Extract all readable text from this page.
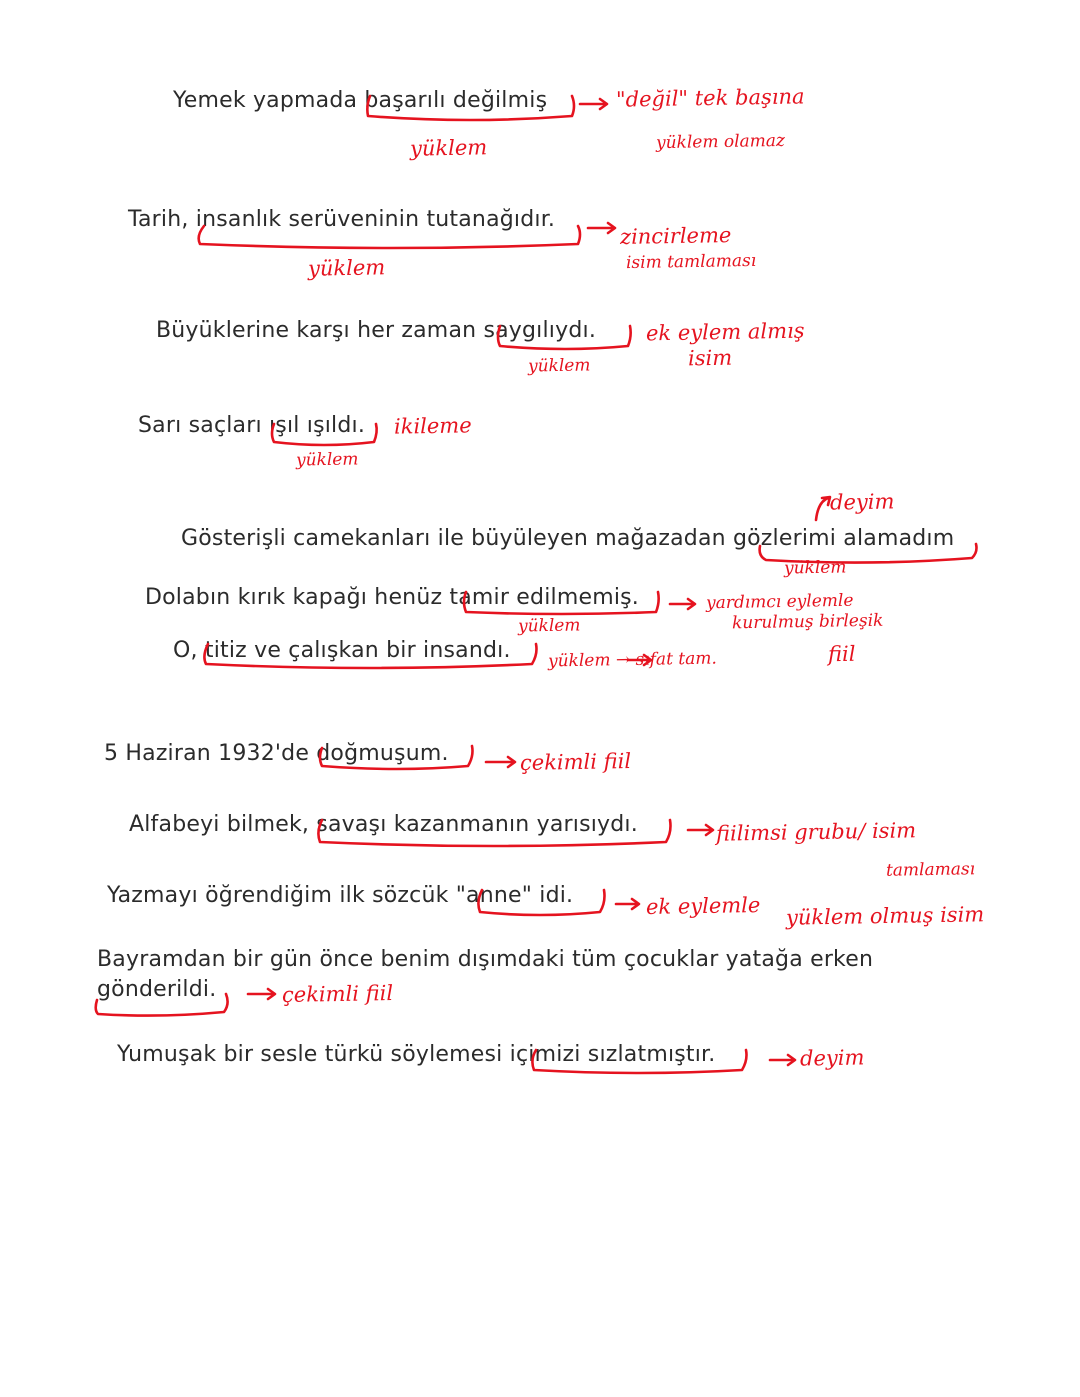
Yemek yapmada başarılı değilmiş
Tarih, insanlık serüveninin tutanağıdır.
Büyüklerine karşı her zaman saygılıydı.
Sarı saçları ışıl ışıldı.
Gösterişli camekanları ile büyüleyen mağazadan gözlerimi alamadım
Dolabın kırık kapağı henüz tamir edilmemiş.
O, titiz ve çalışkan bir insandı.
5 Haziran 1932'de doğmuşum.
Alfabeyi bilmek, savaşı kazanmanın yarısıydı.
Yazmayı öğrendiğim ilk sözcük "anne" idi.
Bayramdan bir gün önce benim dışımdaki tüm çocuklar yatağa erken
gönderildi.
Yumuşak bir sesle türkü söylemesi içimizi sızlatmıştır.
"değil" tek başına
yüklem olamaz
yüklem
zincirleme
isim tamlaması
yüklem
ek eylem almış
isim
yüklem
ikileme
yüklem
deyim
yüklem
yardımcı eylemle
kurulmuş birleşik
fiil
yüklem
yüklem → sıfat tam.
çekimli fiil
fiilimsi grubu/ isim
tamlaması
ek eylemle yüklem olmuş isim
çekimli fiil
deyim
